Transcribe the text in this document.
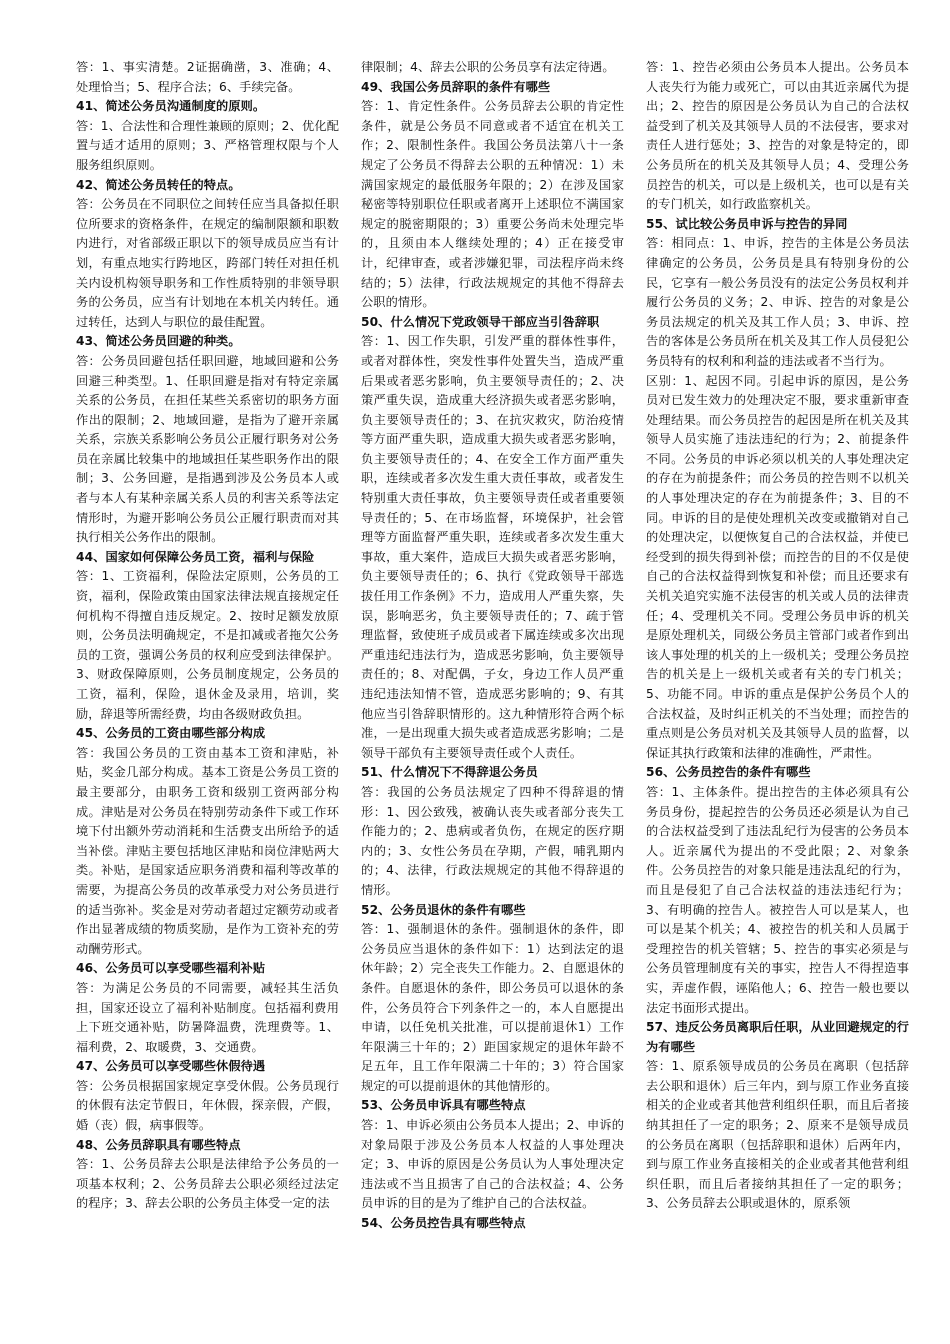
答：1、事实清楚。2证据确凿，3、准确；4、处理恰当；5、程序合法；6、手续完备。

41、简述公务员沟通制度的原则。

答：1、合法性和合理性兼顾的原则；2、优化配置与适才适用的原则；3、严格管理权限与个人服务组织原则。

42、简述公务员转任的特点。

答：公务员在不同职位之间转任应当具备拟任职位所要求的资格条件，在规定的编制限额和职数内进行，对省部级正职以下的领导成员应当有计划，有重点地实行跨地区，跨部门转任对担任机关内设机构领导职务和工作性质特别的非领导职务的公务员，应当有计划地在本机关内转任。通过转任，达到人与职位的最佳配置。

43、简述公务员回避的种类。

答：公务员回避包括任职回避，地域回避和公务回避三种类型。1、任职回避是指对有特定亲属关系的公务员，在担任某些关系密切的职务方面作出的限制；2、地域回避，是指为了避开亲属关系，宗族关系影响公务员公正履行职务对公务员在亲属比较集中的地域担任某些职务作出的限制；3、公务回避，是指遇到涉及公务员本人或者与本人有某种亲属关系人员的利害关系等法定情形时，为避开影响公务员公正履行职责而对其执行相关公务作出的限制。

44、国家如何保障公务员工资，福利与保险

答：1、工资福利，保险法定原则，公务员的工资，福利，保险政策由国家法律法规直接规定任何机构不得擅自违反规定。2、按时足额发放原则，公务员法明确规定，不是扣减或者拖欠公务员的工资，强调公务员的权利应受到法律保护。3、财政保障原则，公务员制度规定，公务员的工资，福利，保险，退休金及录用，培训，奖励，辞退等所需经费，均由各级财政负担。

45、公务员的工资由哪些部分构成

答：我国公务员的工资由基本工资和津贴，补贴，奖金几部分构成。基本工资是公务员工资的最主要部分，由职务工资和级别工资两部分构成。津贴是对公务员在特别劳动条件下或工作环境下付出额外劳动消耗和生活费支出所给予的适当补偿。津贴主要包括地区津贴和岗位津贴两大类。补贴，是国家适应职务消费和福利等改革的需要，为提高公务员的改革承受力对公务员进行的适当弥补。奖金是对劳动者超过定额劳动或者作出显著成绩的物质奖励，是作为工资补充的劳动酬劳形式。

46、公务员可以享受哪些福利补贴

答：为满足公务员的不同需要，减轻其生活负担，国家还设立了福利补贴制度。包括福利费用上下班交通补贴，防暑降温费，洗理费等。1、福利费，2、取暖费，3、交通费。

47、公务员可以享受哪些休假待遇

答：公务员根据国家规定享受休假。公务员现行的休假有法定节假日，年休假，探亲假，产假，婚（丧）假，病事假等。

48、公务员辞职具有哪些特点

答：1、公务员辞去公职是法律给予公务员的一项基本权利；2、公务员辞去公职必须经过法定的程序；3、辞去公职的公务员主体受一定的法

律限制；4、辞去公职的公务员享有法定待遇。

49、我国公务员辞职的条件有哪些

答：1、肯定性条件。公务员辞去公职的肯定性条件，就是公务员不同意或者不适宜在机关工作；2、限制性条件。我国公务员法第八十一条规定了公务员不得辞去公职的五种情况：1）未满国家规定的最低服务年限的；2）在涉及国家秘密等特别职位任职或者离开上述职位不满国家规定的脱密期限的；3）重要公务尚未处理完毕的，且须由本人继续处理的；4）正在接受审计，纪律审查，或者涉嫌犯罪，司法程序尚未终结的；5）法律，行政法规规定的其他不得辞去公职的情形。

50、什么情况下党政领导干部应当引咎辞职

答：1、因工作失职，引发严重的群体性事件，或者对群体性，突发性事件处置失当，造成严重后果或者恶劣影响，负主要领导责任的；2、决策严重失误，造成重大经济损失或者恶劣影响，负主要领导责任的；3、在抗灾救灾，防治疫情等方面严重失职，造成重大损失或者恶劣影响，负主要领导责任的；4、在安全工作方面严重失职，连续或者多次发生重大责任事故，或者发生特别重大责任事故，负主要领导责任或者重要领导责任的；5、在市场监督，环境保护，社会管理等方面监督严重失职，连续或者多次发生重大事故，重大案件，造成巨大损失或者恶劣影响，负主要领导责任的；6、执行《党政领导干部选拔任用工作条例》不力，造成用人严重失察，失误，影响恶劣，负主要领导责任的；7、疏于管理监督，致使班子成员或者下属连续或多次出现严重违纪违法行为，造成恶劣影响，负主要领导责任的；8、对配偶，子女，身边工作人员严重违纪违法知情不管，造成恶劣影响的；9、有其他应当引咎辞职情形的。这九种情形符合两个标准，一是出现重大损失或者造成恶劣影响；二是领导干部负有主要领导责任或个人责任。

51、什么情况下不得辞退公务员

答：我国的公务员法规定了四种不得辞退的情形：1、因公致残，被确认丧失或者部分丧失工作能力的；2、患病或者负伤，在规定的医疗期内的；3、女性公务员在孕期，产假，哺乳期内的；4、法律，行政法规规定的其他不得辞退的情形。

52、公务员退休的条件有哪些

答：1、强制退休的条件。强制退休的条件，即公务员应当退休的条件如下：1）达到法定的退休年龄；2）完全丧失工作能力。2、自愿退休的条件。自愿退休的条件，即公务员可以退休的条件，公务员符合下列条件之一的，本人自愿提出申请，以任免机关批准，可以提前退休1）工作年限满三十年的；2）距国家规定的退休年龄不足五年，且工作年限满二十年的；3）符合国家规定的可以提前退休的其他情形的。

53、公务员申诉具有哪些特点

答：1、申诉必须由公务员本人提出；2、申诉的对象局限于涉及公务员本人权益的人事处理决定；3、申诉的原因是公务员认为人事处理决定违法或不当且损害了自己的合法权益；4、公务员申诉的目的是为了维护自己的合法权益。

54、公务员控告具有哪些特点

答：1、控告必须由公务员本人提出。公务员本人丧失行为能力或死亡，可以由其近亲属代为提出；2、控告的原因是公务员认为自己的合法权益受到了机关及其领导人员的不法侵害，要求对责任人进行惩处；3、控告的对象是特定的，即公务员所在的机关及其领导人员；4、受理公务员控告的机关，可以是上级机关，也可以是有关的专门机关，如行政监察机关。

55、试比较公务员申诉与控告的异同

答：相同点：1、申诉，控告的主体是公务员法律确定的公务员，公务员是具有特别身份的公民，它享有一般公务员没有的法定公务员权利并履行公务员的义务；2、申诉、控告的对象是公务员法规定的机关及其工作人员；3、申诉、控告的客体是公务员所在机关及其工作人员侵犯公务员特有的权利和利益的违法或者不当行为。

区别：1、起因不同。引起申诉的原因，是公务员对已发生效力的处理决定不服，要求重新审查处理结果。而公务员控告的起因是所在机关及其领导人员实施了违法违纪的行为；2、前提条件不同。公务员的申诉必须以机关的人事处理决定的存在为前提条件；而公务员的控告则不以机关的人事处理决定的存在为前提条件；3、目的不同。申诉的目的是使处理机关改变或撤销对自己的处理决定，以便恢复自己的合法权益，并使已经受到的损失得到补偿；而控告的目的不仅是使自己的合法权益得到恢复和补偿；而且还要求有关机关追究实施不法侵害的机关或人员的法律责任；4、受理机关不同。受理公务员申诉的机关是原处理机关，同级公务员主管部门或者作到出该人事处理的机关的上一级机关；受理公务员控告的机关是上一级机关或者有关的专门机关；5、功能不同。申诉的重点是保护公务员个人的合法权益，及时纠正机关的不当处理；而控告的重点则是公务员对机关及其领导人员的监督，以保证其执行政策和法律的准确性，严肃性。

56、公务员控告的条件有哪些

答：1、主体条件。提出控告的主体必须具有公务员身份，提起控告的公务员还必须是认为自己的合法权益受到了违法乱纪行为侵害的公务员本人。近亲属代为提出的不受此限；2、对象条件。公务员控告的对象只能是违法乱纪的行为，而且是侵犯了自己合法权益的违法违纪行为；3、有明确的控告人。被控告人可以是某人，也可以是某个机关；4、被控告的机关和人员属于受理控告的机关管辖；5、控告的事实必须是与公务员管理制度有关的事实，控告人不得捏造事实，弄虚作假，诬陷他人；6、控告一般也要以法定书面形式提出。

57、违反公务员离职后任职，从业回避规定的行为有哪些

答：1、原系领导成员的公务员在离职（包括辞去公职和退休）后三年内，到与原工作业务直接相关的企业或者其他营利组织任职，而且后者接纳其担任了一定的职务；2、原来不是领导成员的公务员在离职（包括辞职和退休）后两年内，到与原工作业务直接相关的企业或者其他营利组织任职，而且后者接纳其担任了一定的职务；3、公务员辞去公职或退休的，原系领
